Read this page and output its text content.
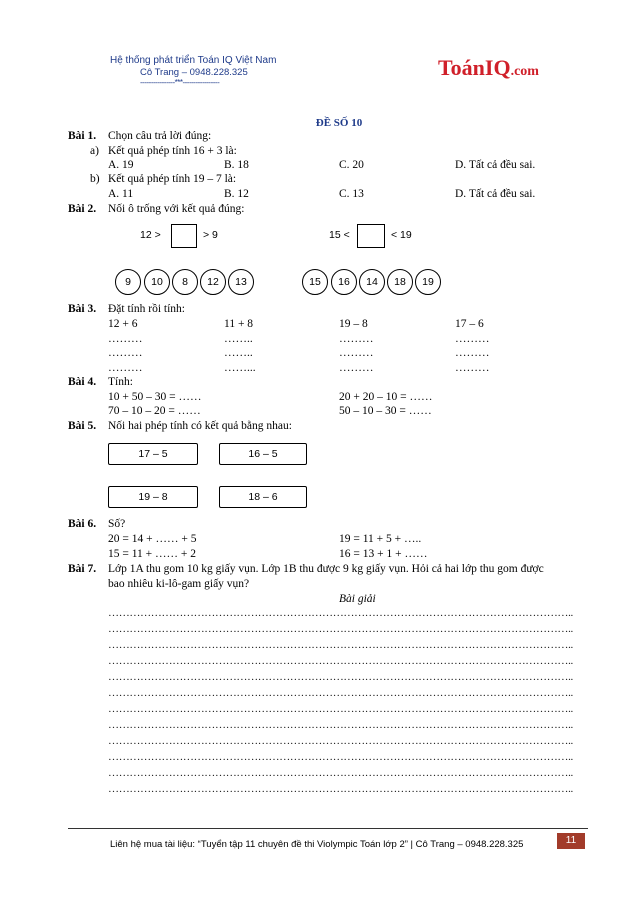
Hệ thống phát triển Toán IQ Việt Nam
Cô Trang – 0948.228.325
----------------***-----------------
ToánIQ.com
ĐỀ SỐ 10
Bài 1. Chọn câu trả lời đúng:
a) Kết quả phép tính 16 + 3 là:
A. 19	B. 18	C. 20	D. Tất cả đều sai.
b) Kết quả phép tính 19 – 7 là:
A. 11	B. 12	C. 13	D. Tất cả đều sai.
Bài 2. Nối ô trống với kết quả đúng:
12 >	> 9	15 <	< 19
9	10	8	12	13	15	16	14	18	19
Bài 3. Đặt tính rồi tính:
12 + 6	11 + 8	19 – 8	17 – 6
………	……..	………	………
………	……..	………	………
………	……...	………	………
Bài 4. Tính:
10 + 50 – 30 = ……	20 + 20 – 10 = ……
70 – 10 – 20 = ……	50 – 10 – 30 = ……
Bài 5. Nối hai phép tính có kết quả bằng nhau:
17 – 5	16 – 5
19 – 8	18 – 6
Bài 6. Số?
20 = 14 + …… + 5	19 = 11 + 5 + …..
15 = 11 + …… + 2	16 = 13 + 1 + ……
Bài 7. Lớp 1A thu gom 10 kg giấy vụn. Lớp 1B thu được 9 kg giấy vụn. Hỏi cả hai lớp thu gom được
bao nhiêu ki-lô-gam giấy vụn?
Bài giải
…………………………………………………………………………………………………………………..
…………………………………………………………………………………………………………………..
…………………………………………………………………………………………………………………..
…………………………………………………………………………………………………………………..
…………………………………………………………………………………………………………………..
…………………………………………………………………………………………………………………..
…………………………………………………………………………………………………………………..
…………………………………………………………………………………………………………………..
…………………………………………………………………………………………………………………..
…………………………………………………………………………………………………………………..
…………………………………………………………………………………………………………………..
…………………………………………………………………………………………………………………..
Liên hệ mua tài liệu: “Tuyển tập 11 chuyên đề thi Violympic Toán lớp 2” | Cô Trang – 0948.228.325	11
